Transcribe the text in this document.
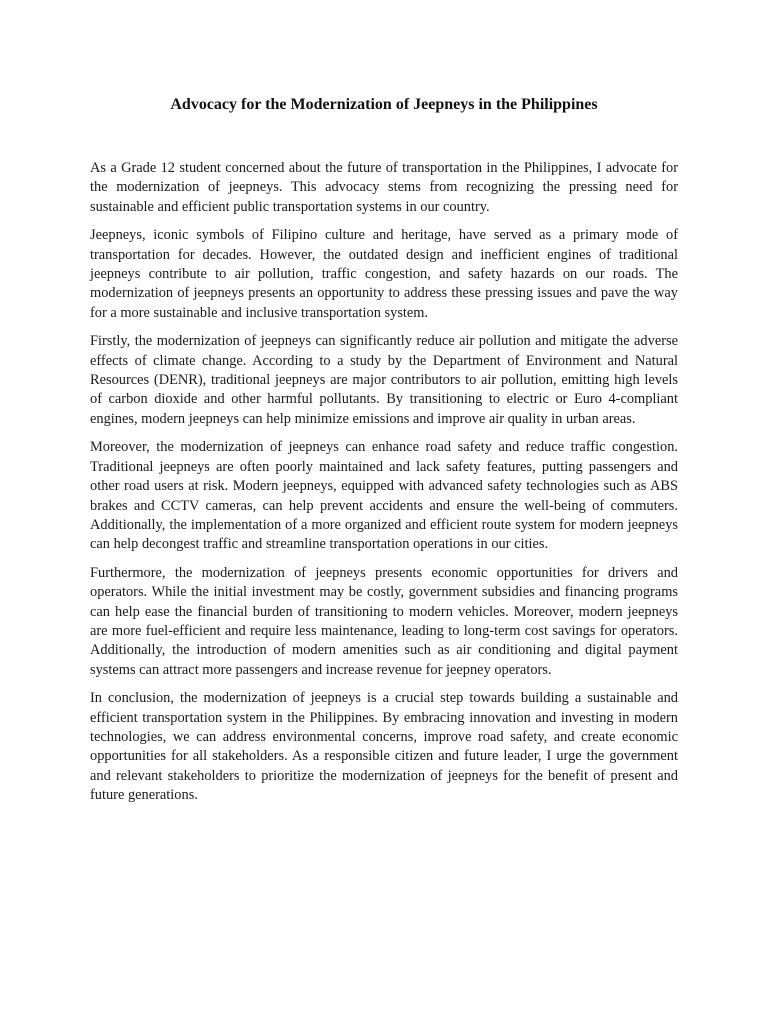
Advocacy for the Modernization of Jeepneys in the Philippines

As a Grade 12 student concerned about the future of transportation in the Philippines, I advocate for the modernization of jeepneys. This advocacy stems from recognizing the pressing need for sustainable and efficient public transportation systems in our country.

Jeepneys, iconic symbols of Filipino culture and heritage, have served as a primary mode of transportation for decades. However, the outdated design and inefficient engines of traditional jeepneys contribute to air pollution, traffic congestion, and safety hazards on our roads. The modernization of jeepneys presents an opportunity to address these pressing issues and pave the way for a more sustainable and inclusive transportation system.

Firstly, the modernization of jeepneys can significantly reduce air pollution and mitigate the adverse effects of climate change. According to a study by the Department of Environment and Natural Resources (DENR), traditional jeepneys are major contributors to air pollution, emitting high levels of carbon dioxide and other harmful pollutants. By transitioning to electric or Euro 4-compliant engines, modern jeepneys can help minimize emissions and improve air quality in urban areas.

Moreover, the modernization of jeepneys can enhance road safety and reduce traffic congestion. Traditional jeepneys are often poorly maintained and lack safety features, putting passengers and other road users at risk. Modern jeepneys, equipped with advanced safety technologies such as ABS brakes and CCTV cameras, can help prevent accidents and ensure the well-being of commuters. Additionally, the implementation of a more organized and efficient route system for modern jeepneys can help decongest traffic and streamline transportation operations in our cities.

Furthermore, the modernization of jeepneys presents economic opportunities for drivers and operators. While the initial investment may be costly, government subsidies and financing programs can help ease the financial burden of transitioning to modern vehicles. Moreover, modern jeepneys are more fuel-efficient and require less maintenance, leading to long-term cost savings for operators. Additionally, the introduction of modern amenities such as air conditioning and digital payment systems can attract more passengers and increase revenue for jeepney operators.

In conclusion, the modernization of jeepneys is a crucial step towards building a sustainable and efficient transportation system in the Philippines. By embracing innovation and investing in modern technologies, we can address environmental concerns, improve road safety, and create economic opportunities for all stakeholders. As a responsible citizen and future leader, I urge the government and relevant stakeholders to prioritize the modernization of jeepneys for the benefit of present and future generations.
